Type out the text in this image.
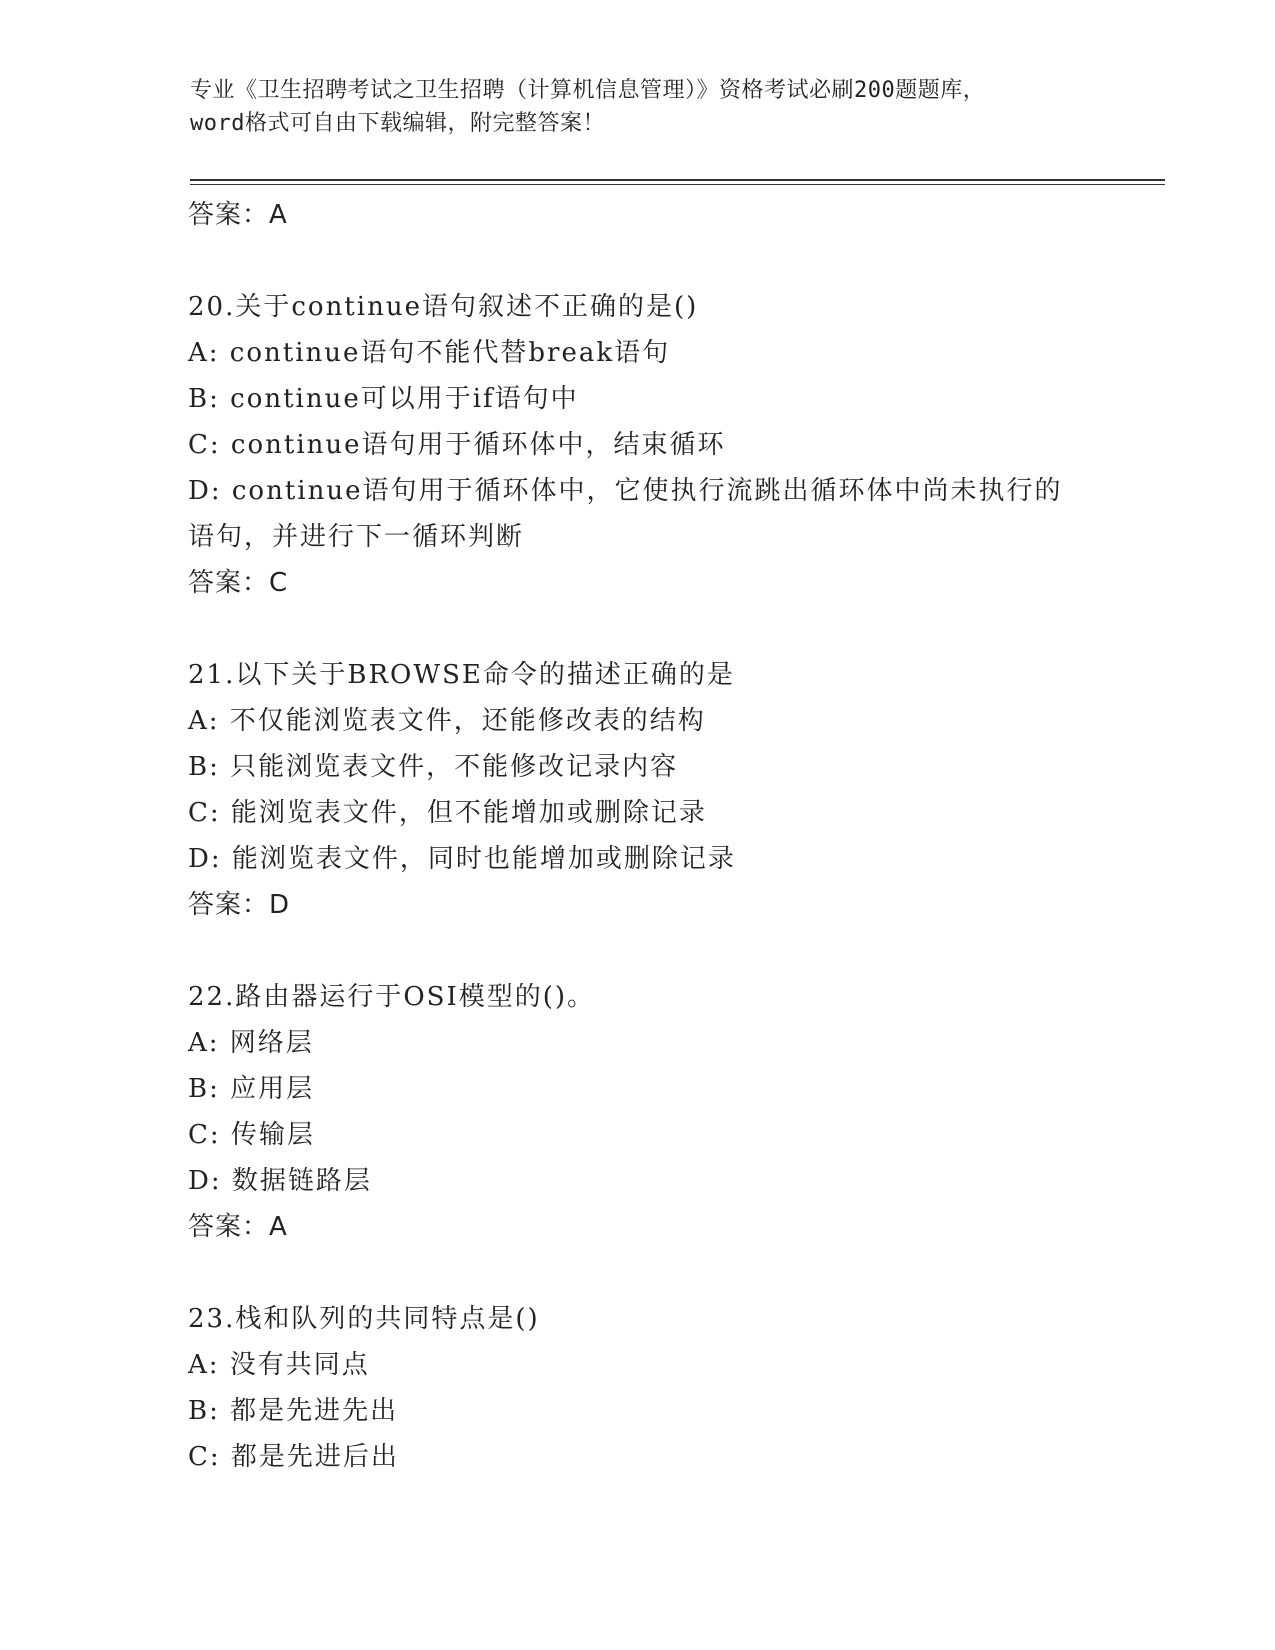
专业《卫生招聘考试之卫生招聘（计算机信息管理）》资格考试必刷200题题库，
word格式可自由下载编辑，附完整答案！
答案：A
20.关于continue语句叙述不正确的是()
A: continue语句不能代替break语句
B: continue可以用于if语句中
C: continue语句用于循环体中，结束循环
D: continue语句用于循环体中，它使执行流跳出循环体中尚未执行的
语句，并进行下一循环判断
答案：C
21.以下关于BROWSE命令的描述正确的是
A: 不仅能浏览表文件，还能修改表的结构
B: 只能浏览表文件，不能修改记录内容
C: 能浏览表文件，但不能增加或删除记录
D: 能浏览表文件，同时也能增加或删除记录
答案：D
22.路由器运行于OSI模型的()。
A: 网络层
B: 应用层
C: 传输层
D: 数据链路层
答案：A
23.栈和队列的共同特点是()
A: 没有共同点
B: 都是先进先出
C: 都是先进后出
